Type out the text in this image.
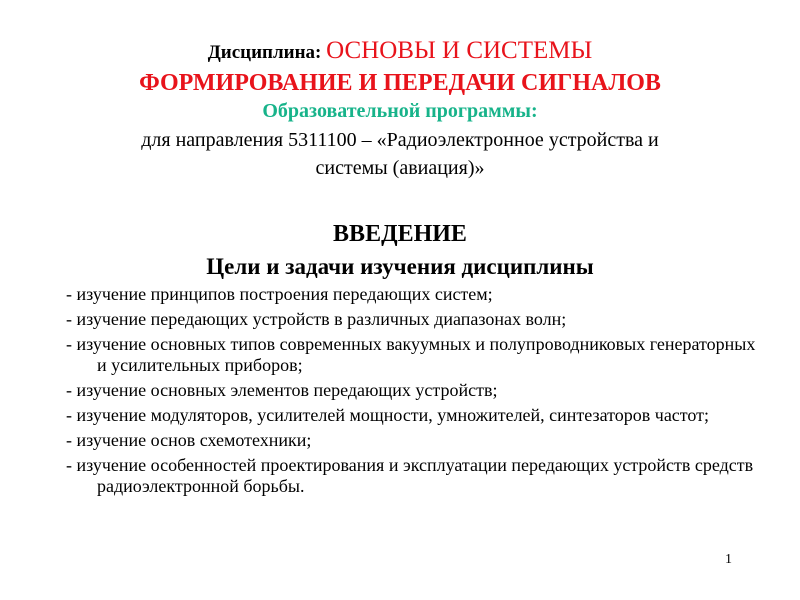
Дисциплина: ОСНОВЫ И СИСТЕМЫ
ФОРМИРОВАНИЕ И ПЕРЕДАЧИ СИГНАЛОВ
Образовательной программы:
для направления 5311100 – «Радиоэлектронное устройства и
системы (авиация)»
ВВЕДЕНИЕ
Цели и задачи изучения дисциплины
- изучение принципов построения передающих систем;
- изучение передающих устройств в различных диапазонах волн;
- изучение основных типов современных вакуумных и полупроводниковых генераторных и усилительных приборов;
- изучение основных элементов передающих устройств;
- изучение модуляторов, усилителей мощности, умножителей, синтезаторов частот;
- изучение основ схемотехники;
- изучение особенностей проектирования и эксплуатации передающих устройств средств радиоэлектронной борьбы.
1
